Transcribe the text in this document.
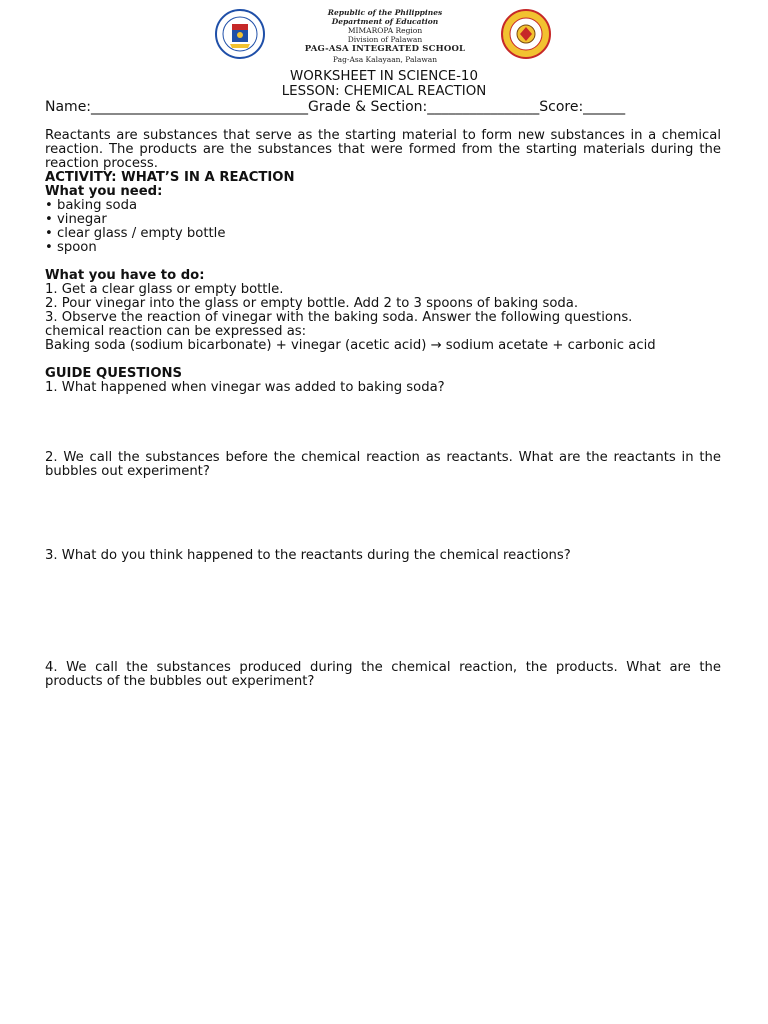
Republic of the Philippines
Department of Education
MIMAROPA Region
Division of Palawan
PAG-ASA INTEGRATED SCHOOL
Pag-Asa Kalayaan, Palawan
WORKSHEET IN SCIENCE-10
LESSON: CHEMICAL REACTION
Name:_______________________________Grade & Section:________________Score:______

Reactants are substances that serve as the starting material to form new substances in a chemical reaction. The products are the substances that were formed from the starting materials during the reaction process.

ACTIVITY: WHAT’S IN A REACTION

What you need:

• baking soda

• vinegar

• clear glass / empty bottle

• spoon

What you have to do:

1. Get a clear glass or empty bottle.

2. Pour vinegar into the glass or empty bottle. Add 2 to 3 spoons of baking soda.

3. Observe the reaction of vinegar with the baking soda. Answer the following questions.

chemical reaction can be expressed as:

Baking soda (sodium bicarbonate) + vinegar (acetic acid) → sodium acetate + carbonic acid

GUIDE QUESTIONS

1. What happened when vinegar was added to baking soda?

2. We call the substances before the chemical reaction as reactants. What are the reactants in the bubbles out experiment?

3. What do you think happened to the reactants during the chemical reactions?

4. We call the substances produced during the chemical reaction, the products. What are the products of the bubbles out experiment?
